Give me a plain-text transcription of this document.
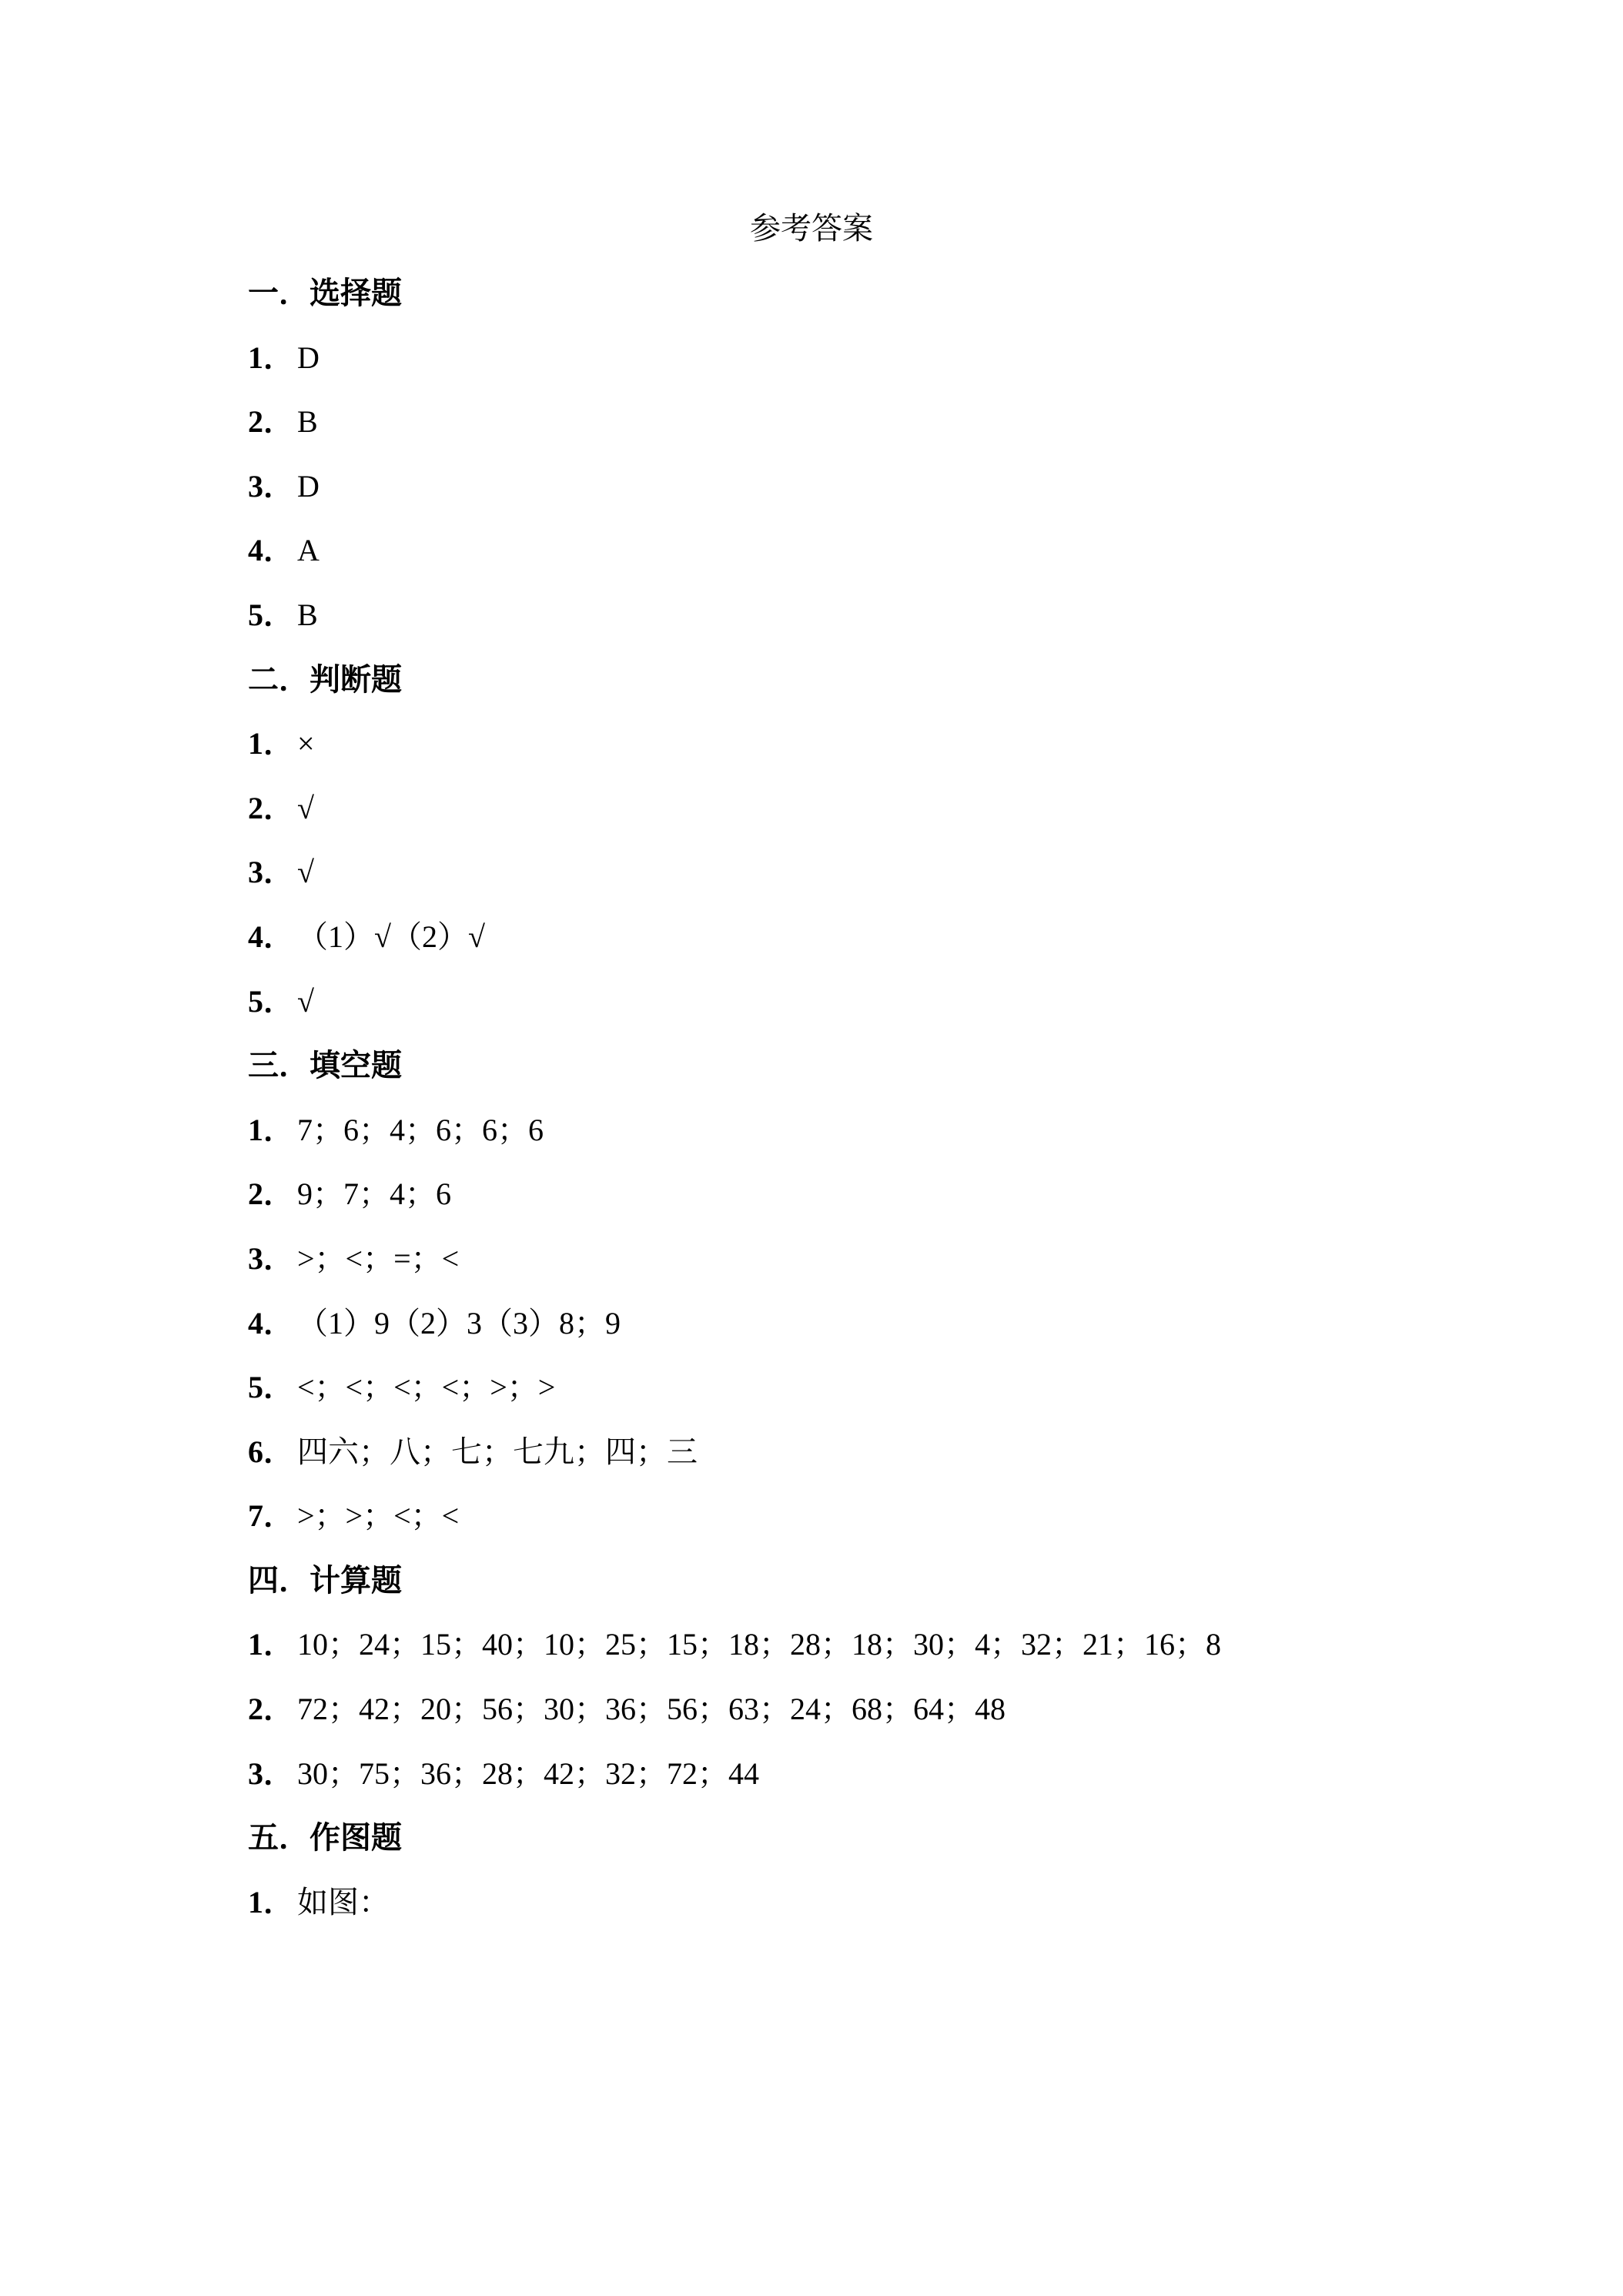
参考答案
一．选择题
1． D
2． B
3． D
4． A
5． B
二．判断题
1． ×
2． √
3． √
4． （1）√（2）√
5． √
三．填空题
1． 7；6；4；6；6；6
2． 9；7；4；6
3． >；<；=；<
4． （1）9（2）3（3）8；9
5． <；<；<；<；>；>
6． 四六；八；七；七九；四；三
7． >；>；<；<
四．计算题
1． 10；24；15；40；10；25；15；18；28；18；30；4；32；21；16；8
2． 72；42；20；56；30；36；56；63；24；68；64；48
3． 30；75；36；28；42；32；72；44
五．作图题
1． 如图：
